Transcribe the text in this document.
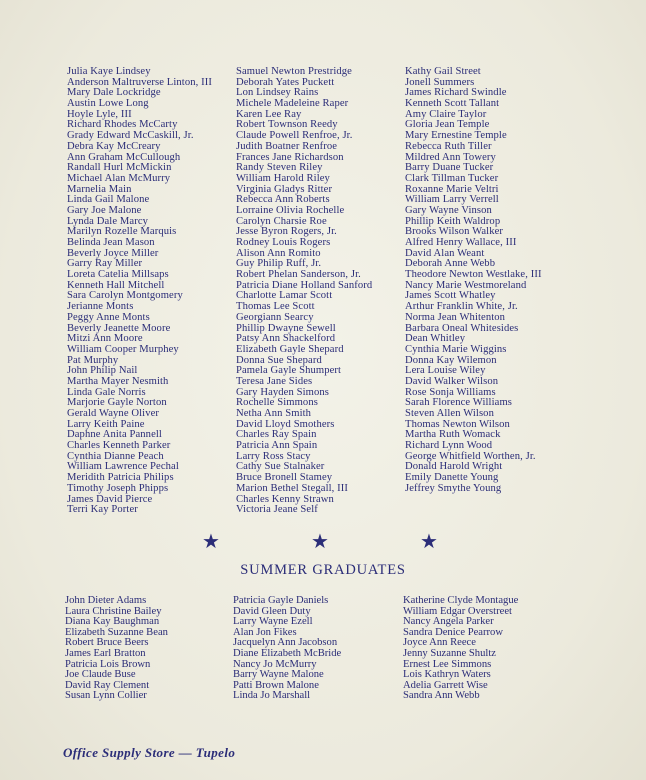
Julia Kaye Lindsey
Anderson Maltruverse Linton, III
Mary Dale Lockridge
Austin Lowe Long
Hoyle Lyle, III
Richard Rhodes McCarty
Grady Edward McCaskill, Jr.
Debra Kay McCreary
Ann Graham McCullough
Randall Hurl McMickin
Michael Alan McMurry
Marnelia Main
Linda Gail Malone
Gary Joe Malone
Lynda Dale Marcy
Marilyn Rozelle Marquis
Belinda Jean Mason
Beverly Joyce Miller
Garry Ray Miller
Loreta Catelia Millsaps
Kenneth Hall Mitchell
Sara Carolyn Montgomery
Jerianne Monts
Peggy Anne Monts
Beverly Jeanette Moore
Mitzi Ann Moore
William Cooper Murphey
Pat Murphy
John Philip Nail
Martha Mayer Nesmith
Linda Gale Norris
Marjorie Gayle Norton
Gerald Wayne Oliver
Larry Keith Paine
Daphne Anita Pannell
Charles Kenneth Parker
Cynthia Dianne Peach
William Lawrence Pechal
Meridith Patricia Philips
Timothy Joseph Phipps
James David Pierce
Terri Kay Porter
Samuel Newton Prestridge
Deborah Yates Puckett
Lon Lindsey Rains
Michele Madeleine Raper
Karen Lee Ray
Robert Townson Reedy
Claude Powell Renfroe, Jr.
Judith Boatner Renfroe
Frances Jane Richardson
Randy Steven Riley
William Harold Riley
Virginia Gladys Ritter
Rebecca Ann Roberts
Lorraine Olivia Rochelle
Carolyn Charsie Roe
Jesse Byron Rogers, Jr.
Rodney Louis Rogers
Alison Ann Romito
Guy Philip Ruff, Jr.
Robert Phelan Sanderson, Jr.
Patricia Diane Holland Sanford
Charlotte Lamar Scott
Thomas Lee Scott
Georgiann Searcy
Phillip Dwayne Sewell
Patsy Ann Shackelford
Elizabeth Gayle Shepard
Donna Sue Shepard
Pamela Gayle Shumpert
Teresa Jane Sides
Gary Hayden Simons
Rochelle Simmons
Netha Ann Smith
David Lloyd Smothers
Charles Ray Spain
Patricia Ann Spain
Larry Ross Stacy
Cathy Sue Stalnaker
Bruce Bronell Stamey
Marion Bethel Stegall, III
Charles Kenny Strawn
Victoria Jeane Self
Kathy Gail Street
Jonell Summers
James Richard Swindle
Kenneth Scott Tallant
Amy Claire Taylor
Gloria Jean Temple
Mary Ernestine Temple
Rebecca Ruth Tiller
Mildred Ann Towery
Barry Duane Tucker
Clark Tillman Tucker
Roxanne Marie Veltri
William Larry Verrell
Gary Wayne Vinson
Phillip Keith Waldrop
Brooks Wilson Walker
Alfred Henry Wallace, III
David Alan Weant
Deborah Anne Webb
Theodore Newton Westlake, III
Nancy Marie Westmoreland
James Scott Whatley
Arthur Franklin White, Jr.
Norma Jean Whitenton
Barbara Oneal Whitesides
Dean Whitley
Cynthia Marie Wiggins
Donna Kay Wilemon
Lera Louise Wiley
David Walker Wilson
Rose Sonja Williams
Sarah Florence Williams
Steven Allen Wilson
Thomas Newton Wilson
Martha Ruth Womack
Richard Lynn Wood
George Whitfield Worthen, Jr.
Donald Harold Wright
Emily Danette Young
Jeffrey Smythe Young
★	★	★
SUMMER GRADUATES
John Dieter Adams
Laura Christine Bailey
Diana Kay Baughman
Elizabeth Suzanne Bean
Robert Bruce Beers
James Earl Bratton
Patricia Lois Brown
Joe Claude Buse
David Ray Clement
Susan Lynn Collier
Patricia Gayle Daniels
David Gleen Duty
Larry Wayne Ezell
Alan Jon Fikes
Jacquelyn Ann Jacobson
Diane Elizabeth McBride
Nancy Jo McMurry
Barry Wayne Malone
Patti Brown Malone
Linda Jo Marshall
Katherine Clyde Montague
William Edgar Overstreet
Nancy Angela Parker
Sandra Denice Pearrow
Joyce Ann Reece
Jenny Suzanne Shultz
Ernest Lee Simmons
Lois Kathryn Waters
Adelia Garrett Wise
Sandra Ann Webb
Office Supply Store — Tupelo
